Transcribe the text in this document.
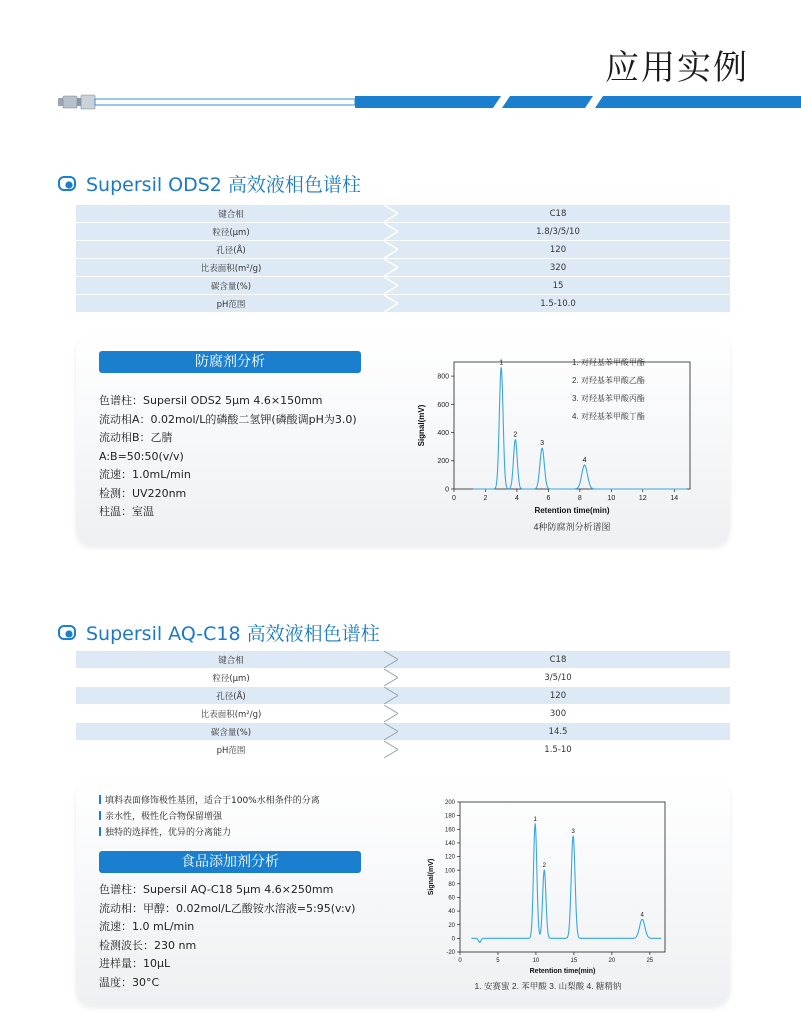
应用实例
Supersil ODS2 高效液相色谱柱
键合相	C18
粒径(μm)	1.8/3/5/10
孔径(Å)	120
比表面积(m²/g)	320
碳含量(%)	15
pH范围	1.5-10.0
防腐剂分析
色谱柱：Supersil ODS2 5μm 4.6×150mm
流动相A：0.02mol/L的磷酸二氢钾(磷酸调pH为3.0)
流动相B：乙腈
A:B=50:50(v/v)
流速：1.0mL/min
检测：UV220nm
柱温：室温
0	2	4	6	8	10	12	14
0
200
400
600
800
Retention time(min)
Signal(mV)
1
2
3
4
1. 对羟基苯甲酸甲酯
2. 对羟基苯甲酸乙酯
3. 对羟基苯甲酸丙酯
4. 对羟基苯甲酸丁酯
4种防腐剂分析谱图
Supersil AQ-C18 高效液相色谱柱
键合相	C18
粒径(μm)	3/5/10
孔径(Å)	120
比表面积(m²/g)	300
碳含量(%)	14.5
pH范围	1.5-10
填料表面修饰极性基团，适合于100%水相条件的分离
亲水性，极性化合物保留增强
独特的选择性，优异的分离能力
食品添加剂分析
色谱柱：Supersil AQ-C18 5μm 4.6×250mm
流动相：甲醇：0.02mol/L乙酸铵水溶液=5:95(v:v)
流速：1.0 mL/min
检测波长：230 nm
进样量：10μL
温度：30°C
0	5	10	15	20	25
-20
0
20
40
60
80
100
120
140
160
180
200
Retention time(min)
Signal(mV)
1
2
3
4
1. 安赛蜜 2. 苯甲酸 3. 山梨酸 4. 糖精钠
